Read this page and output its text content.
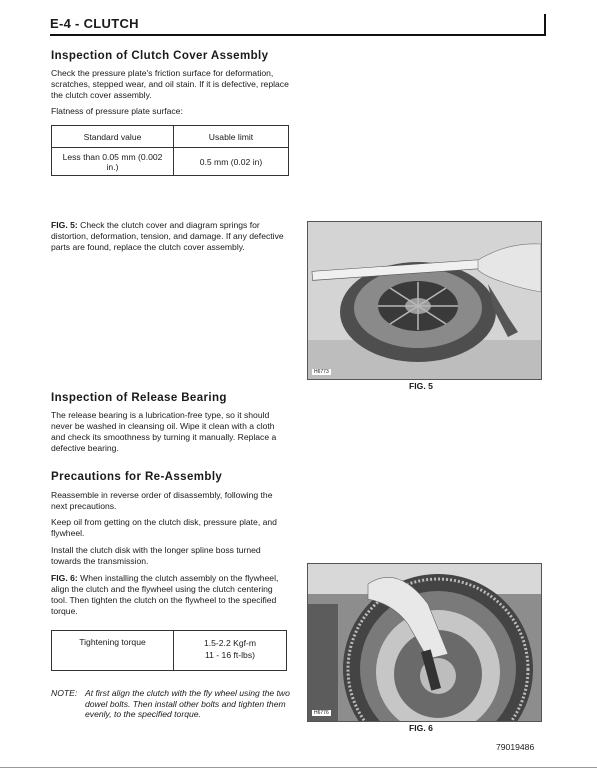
E-4 - CLUTCH
Inspection of Clutch Cover Assembly

Check the pressure plate's friction surface for deformation, scratches, stepped wear, and oil stain. If it is defective, replace the clutch cover assembly.

Flatness of pressure plate surface:

Standard value	Usable limit
Less than 0.05 mm (0.002 in.)	0.5 mm (0.02 in)

FIG. 5: Check the clutch cover and diagram springs for distortion, deformation, tension, and damage. If any defective parts are found, replace the clutch cover assembly.

H6773
FIG. 5
Inspection of Release Bearing

The release bearing is a lubrication-free type, so it should never be washed in cleansing oil. Wipe it clean with a cloth and check its smoothness by turning it manually. Replace a defective bearing.

Precautions for Re-Assembly

Reassemble in reverse order of disassembly, following the next precautions.

Keep oil from getting on the clutch disk, pressure plate, and flywheel.

Install the clutch disk with the longer spline boss turned towards the transmission.

FIG. 6: When installing the clutch assembly on the flywheel, align the clutch and the flywheel using the clutch centering tool. Then tighten the clutch on the flywheel to the specified torque.

Tightening torque	1.5-2.2 Kgf-m
11 - 16 ft-lbs)
H6776
FIG. 6
NOTE: At first align the clutch with the fly wheel using the two dowel bolts. Then install other bolts and tighten them evenly, to the specified torque.
79019486
